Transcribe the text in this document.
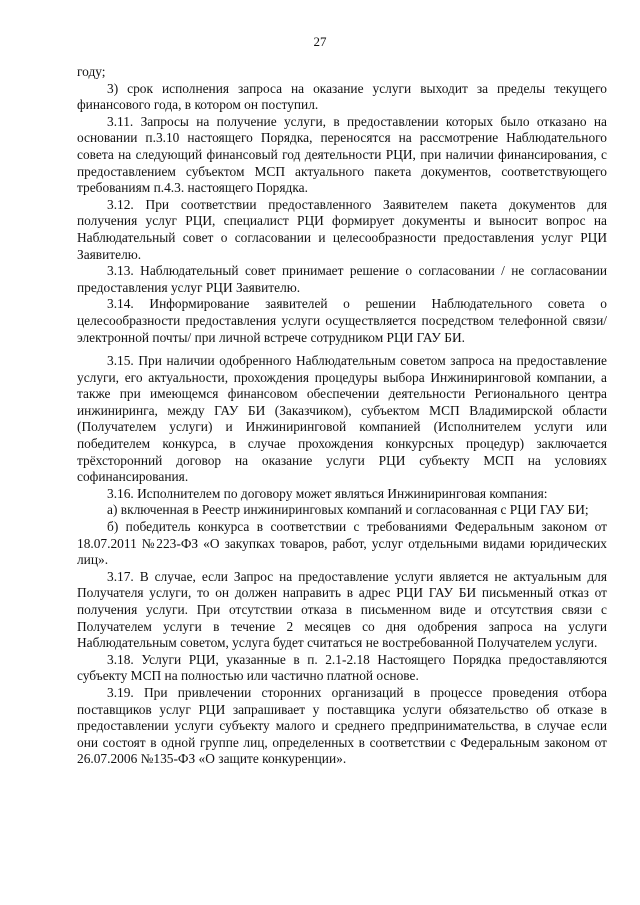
27

году;

3) срок исполнения запроса на оказание услуги выходит за пределы текущего финансового года, в котором он поступил.

3.11. Запросы на получение услуги, в предоставлении которых было отказано на основании п.3.10 настоящего Порядка, переносятся на рассмотрение Наблюдательного совета на следующий финансовый год деятельности РЦИ, при наличии финансирования, с предоставлением субъектом МСП актуального пакета документов, соответствующего требованиям п.4.3. настоящего Порядка.

3.12. При соответствии предоставленного Заявителем пакета документов для получения услуг РЦИ, специалист РЦИ формирует документы и выносит вопрос на Наблюдательный совет о согласовании и целесообразности предоставления услуг РЦИ Заявителю.

3.13. Наблюдательный совет принимает решение о согласовании / не согласовании предоставления услуг РЦИ Заявителю.

3.14. Информирование заявителей о решении Наблюдательного совета о целесообразности предоставления услуги осуществляется посредством телефонной связи/ электронной почты/ при личной встрече сотрудником РЦИ ГАУ БИ.

3.15. При наличии одобренного Наблюдательным советом запроса на предоставление услуги, его актуальности, прохождения процедуры выбора Инжиниринговой компании, а также при имеющемся финансовом обеспечении деятельности Регионального центра инжиниринга, между ГАУ БИ (Заказчиком), субъектом МСП Владимирской области (Получателем услуги) и Инжиниринговой компанией (Исполнителем услуги или победителем конкурса, в случае прохождения конкурсных процедур) заключается трёхсторонний договор на оказание услуги РЦИ субъекту МСП на условиях софинансирования.

3.16. Исполнителем по договору может являться Инжиниринговая компания:

а) включенная в Реестр инжиниринговых компаний и согласованная с РЦИ ГАУ БИ;

б) победитель конкурса в соответствии с требованиями Федеральным законом от 18.07.2011 №223-ФЗ «О закупках товаров, работ, услуг отдельными видами юридических лиц».

3.17. В случае, если Запрос на предоставление услуги является не актуальным для Получателя услуги, то он должен направить в адрес РЦИ ГАУ БИ письменный отказ от получения услуги. При отсутствии отказа в письменном виде и отсутствия связи с Получателем услуги в течение 2 месяцев со дня одобрения запроса на услуги Наблюдательным советом, услуга будет считаться не востребованной Получателем услуги.

3.18. Услуги РЦИ, указанные в п. 2.1-2.18 Настоящего Порядка предоставляются субъекту МСП на полностью или частично платной основе.

3.19. При привлечении сторонних организаций в процессе проведения отбора поставщиков услуг РЦИ запрашивает у поставщика услуги обязательство об отказе в предоставлении услуги субъекту малого и среднего предпринимательства, в случае если они состоят в одной группе лиц, определенных в соответствии с Федеральным законом от 26.07.2006 №135-ФЗ «О защите конкуренции».
